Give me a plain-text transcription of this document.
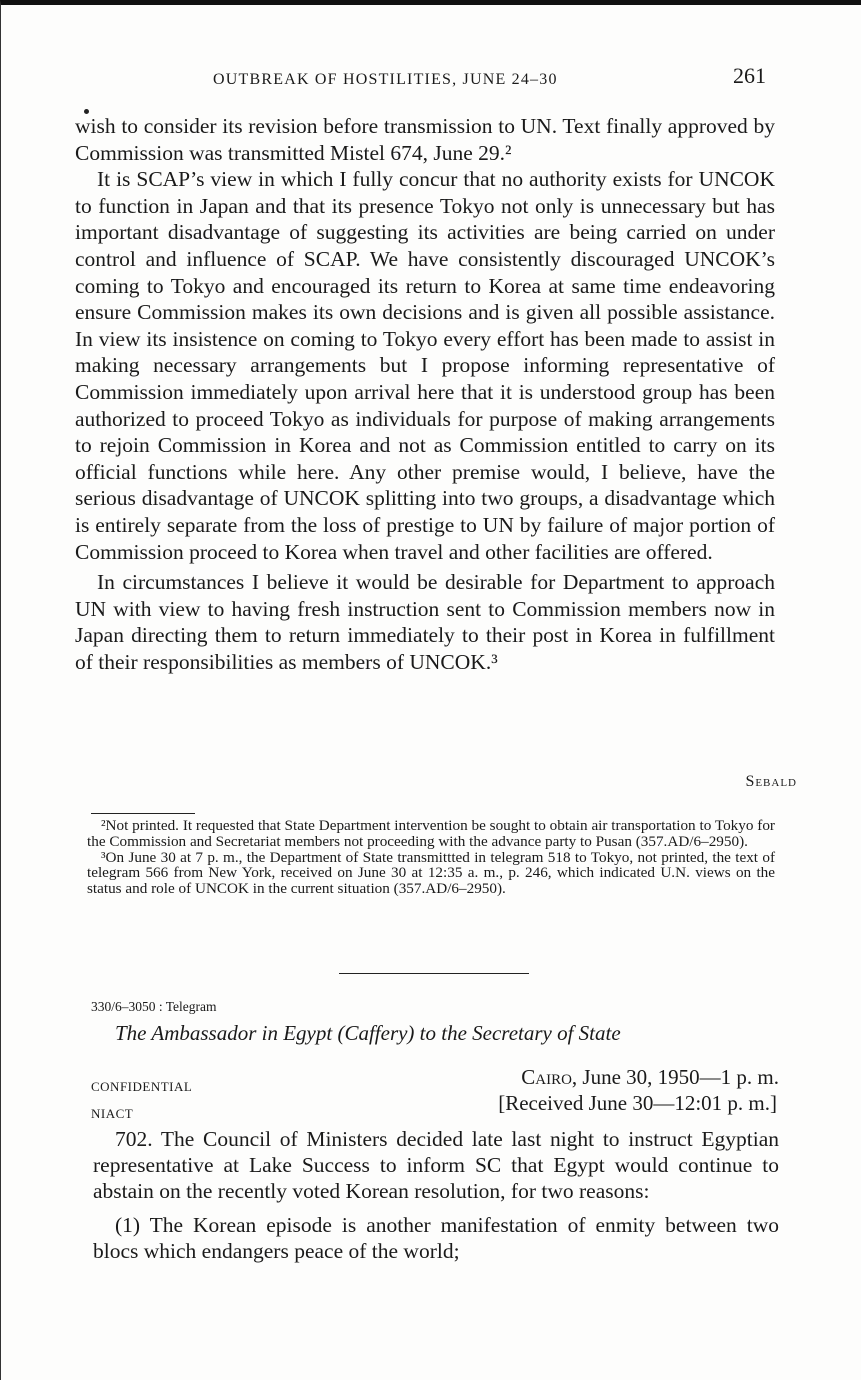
OUTBREAK OF HOSTILITIES, JUNE 24–30	261

wish to consider its revision before transmission to UN. Text finally approved by Commission was transmitted Mistel 674, June 29.²

It is SCAP’s view in which I fully concur that no authority exists for UNCOK to function in Japan and that its presence Tokyo not only is unnecessary but has important disadvantage of suggesting its activities are being carried on under control and influence of SCAP. We have consistently discouraged UNCOK’s coming to Tokyo and encouraged its return to Korea at same time endeavoring ensure Commission makes its own decisions and is given all possible assistance. In view its insistence on coming to Tokyo every effort has been made to assist in making necessary arrangements but I propose informing representative of Commission immediately upon arrival here that it is understood group has been authorized to proceed Tokyo as individuals for purpose of making arrangements to rejoin Commission in Korea and not as Commission entitled to carry on its official functions while here. Any other premise would, I believe, have the serious disadvantage of UNCOK splitting into two groups, a disadvantage which is entirely separate from the loss of prestige to UN by failure of major portion of Commission proceed to Korea when travel and other facilities are offered.

In circumstances I believe it would be desirable for Department to approach UN with view to having fresh instruction sent to Commission members now in Japan directing them to return immediately to their post in Korea in fulfillment of their responsibilities as members of UNCOK.³

Sebald

²Not printed. It requested that State Department intervention be sought to obtain air transportation to Tokyo for the Commission and Secretariat members not proceeding with the advance party to Pusan (357.AD/6–2950).

³On June 30 at 7 p. m., the Department of State transmittted in telegram 518 to Tokyo, not printed, the text of telegram 566 from New York, received on June 30 at 12:35 a. m., p. 246, which indicated U.N. views on the status and role of UNCOK in the current situation (357.AD/6–2950).

330/6–3050 : Telegram
The Ambassador in Egypt (Caffery) to the Secretary of State
CONFIDENTIAL
NIACT
Cairo, June 30, 1950—1 p. m.
[Received June 30—12:01 p. m.]

702. The Council of Ministers decided late last night to instruct Egyptian representative at Lake Success to inform SC that Egypt would continue to abstain on the recently voted Korean resolution, for two reasons:

(1) The Korean episode is another manifestation of enmity between two blocs which endangers peace of the world;
